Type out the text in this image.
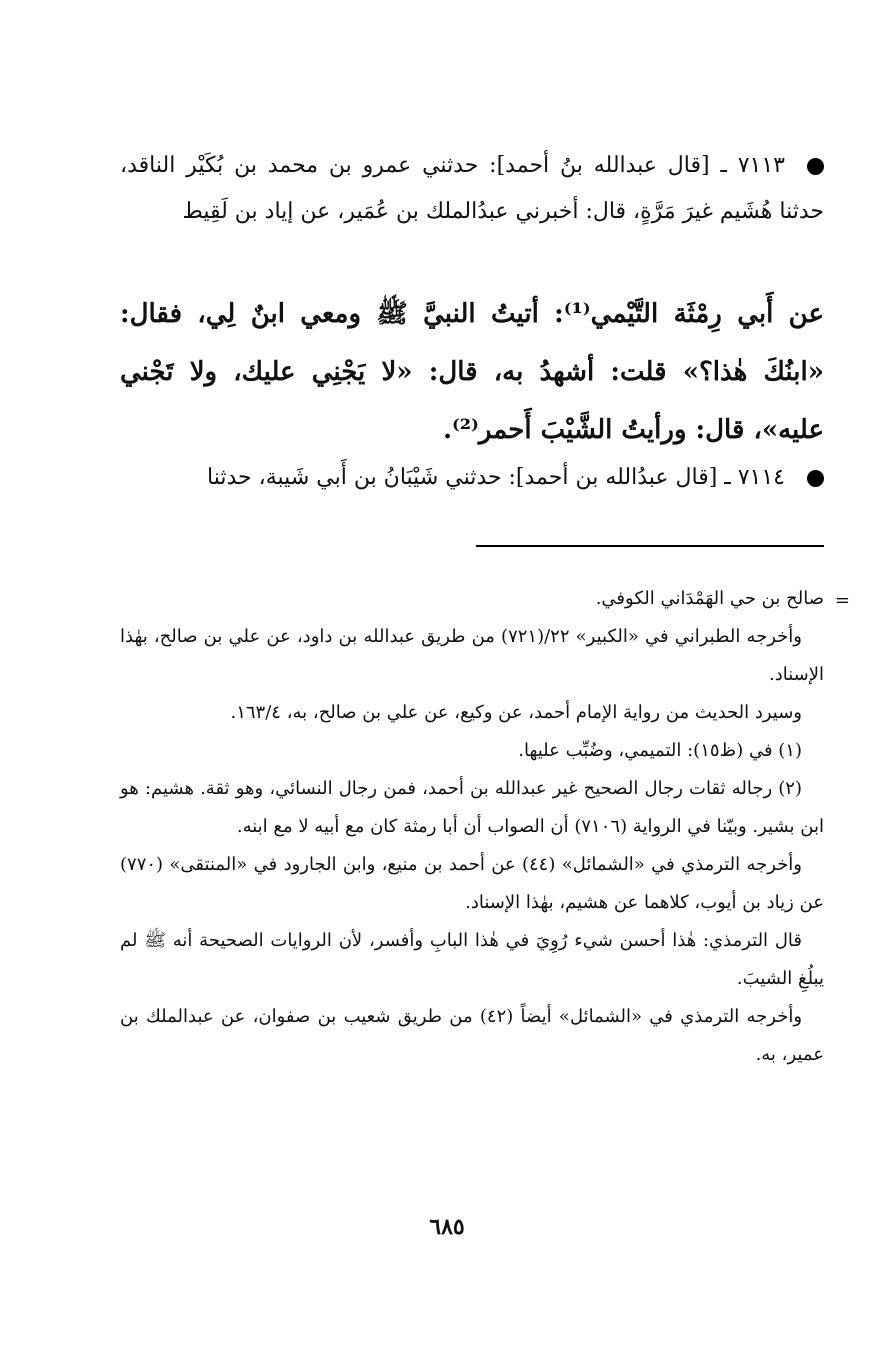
٧١١٣ ـ [قال عبدالله بنُ أحمد]: حدثني عمرو بن محمد بن بُكَيْر الناقد، حدثنا هُشَيم غيرَ مَرَّةٍ، قال: أخبرني عبدُالملك بن عُمَير، عن إياد بن لَقِيط
عن أَبي رِمْثَة التَّيْمي⁽¹⁾: أتيتُ النبيَّ ﷺ ومعي ابنٌ لِي، فقال: «ابنُكَ هٰذا؟» قلت: أشهدُ به، قال: «لا يَجْنِي عليك، ولا تَجْني عليه»، قال: ورأيتُ الشَّيْبَ أَحمر⁽²⁾.
٧١١٤ ـ [قال عبدُالله بن أحمد]: حدثني شَيْبَانُ بن أَبي شَيبة، حدثنا
=

صالح بن حي الهَمْدَاني الكوفي.

وأخرجه الطبراني في «الكبير» ٢٢/(٧٢١) من طريق عبدالله بن داود، عن علي بن صالح، بهٰذا الإسناد.

وسيرد الحديث من رواية الإمام أحمد، عن وكيع، عن علي بن صالح، به، ١٦٣/٤.

(١) في (ظ١٥): التميمي، وضُبِّب عليها.

(٢) رجاله ثقات رجال الصحيح غير عبدالله بن أحمد، فمن رجال النسائي، وهو ثقة. هشيم: هو ابن بشير. وبيّنا في الرواية (٧١٠٦) أن الصواب أن أبا رمثة كان مع أبيه لا مع ابنه.

وأخرجه الترمذي في «الشمائل» (٤٤) عن أحمد بن منيع، وابن الجارود في «المنتقى» (٧٧٠) عن زياد بن أيوب، كلاهما عن هشيم، بهٰذا الإسناد.

قال الترمذي: هٰذا أحسن شيء رُوِيَ في هٰذا البابِ وأفسر، لأن الروايات الصحيحة أنه ﷺ لم يبلُغِ الشيبَ.

وأخرجه الترمذي في «الشمائل» أيضاً (٤٢) من طريق شعيب بن صفوان، عن عبدالملك بن عمير، به.

٦٨٥
